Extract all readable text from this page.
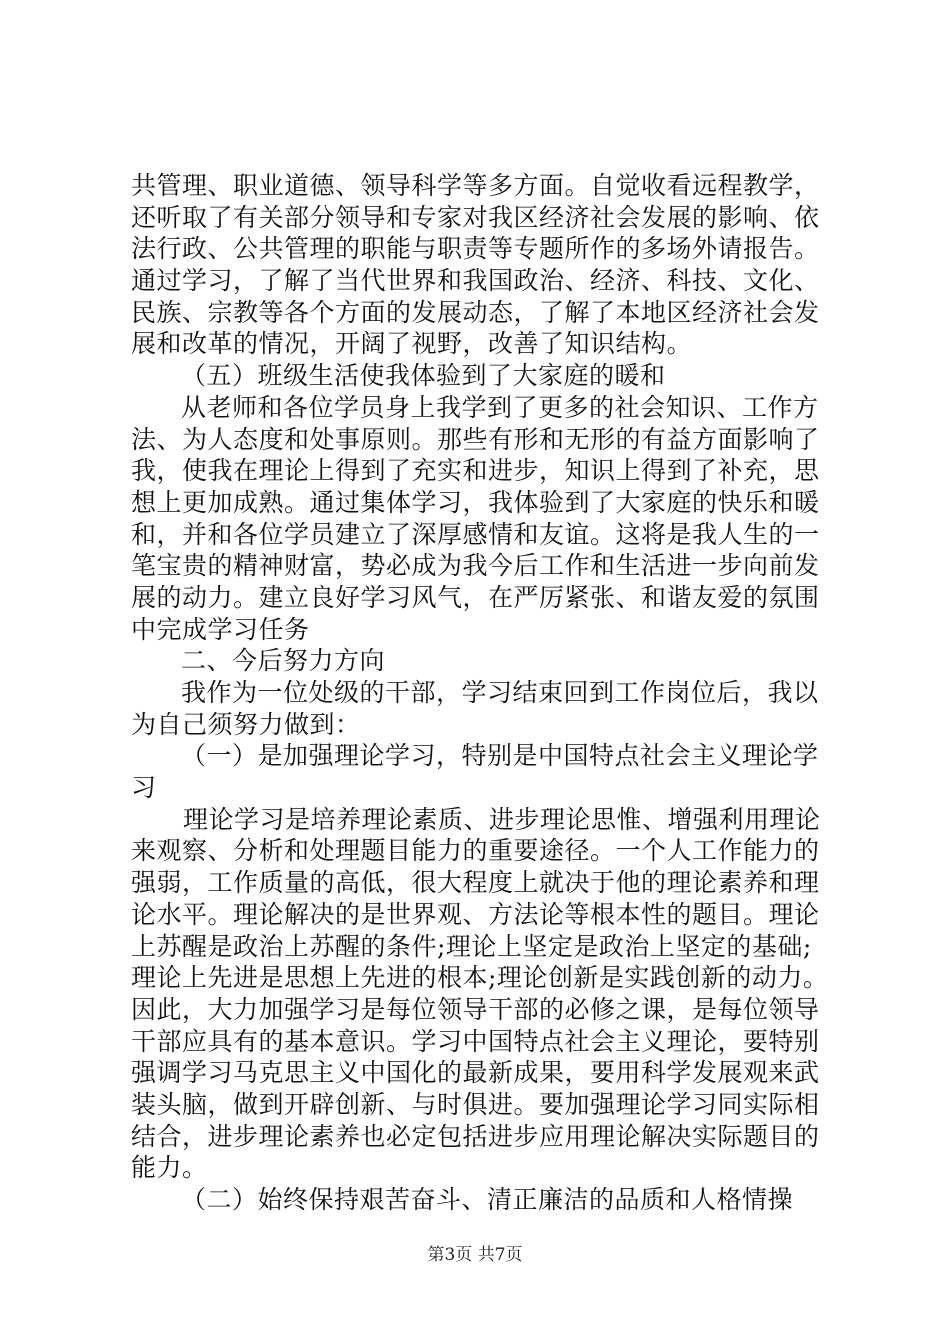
共管理、职业道德、领导科学等多方面。自觉收看远程教学，
还听取了有关部分领导和专家对我区经济社会发展的影响、依
法行政、公共管理的职能与职责等专题所作的多场外请报告。
通过学习，了解了当代世界和我国政治、经济、科技、文化、
民族、宗教等各个方面的发展动态，了解了本地区经济社会发
展和改革的情况，开阔了视野，改善了知识结构。
（五）班级生活使我体验到了大家庭的暖和
从老师和各位学员身上我学到了更多的社会知识、工作方
法、为人态度和处事原则。那些有形和无形的有益方面影响了
我，使我在理论上得到了充实和进步，知识上得到了补充，思
想上更加成熟。通过集体学习，我体验到了大家庭的快乐和暖
和，并和各位学员建立了深厚感情和友谊。这将是我人生的一
笔宝贵的精神财富，势必成为我今后工作和生活进一步向前发
展的动力。建立良好学习风气，在严厉紧张、和谐友爱的氛围
中完成学习任务
二、今后努力方向
我作为一位处级的干部，学习结束回到工作岗位后，我以
为自己须努力做到：
（一）是加强理论学习，特别是中国特点社会主义理论学
习
理论学习是培养理论素质、进步理论思惟、增强利用理论
来观察、分析和处理题目能力的重要途径。一个人工作能力的
强弱，工作质量的高低，很大程度上就决于他的理论素养和理
论水平。理论解决的是世界观、方法论等根本性的题目。理论
上苏醒是政治上苏醒的条件;理论上坚定是政治上坚定的基础;
理论上先进是思想上先进的根本;理论创新是实践创新的动力。
因此，大力加强学习是每位领导干部的必修之课，是每位领导
干部应具有的基本意识。学习中国特点社会主义理论，要特别
强调学习马克思主义中国化的最新成果，要用科学发展观来武
装头脑，做到开辟创新、与时俱进。要加强理论学习同实际相
结合，进步理论素养也必定包括进步应用理论解决实际题目的
能力。
（二）始终保持艰苦奋斗、清正廉洁的品质和人格情操
第3页 共7页
